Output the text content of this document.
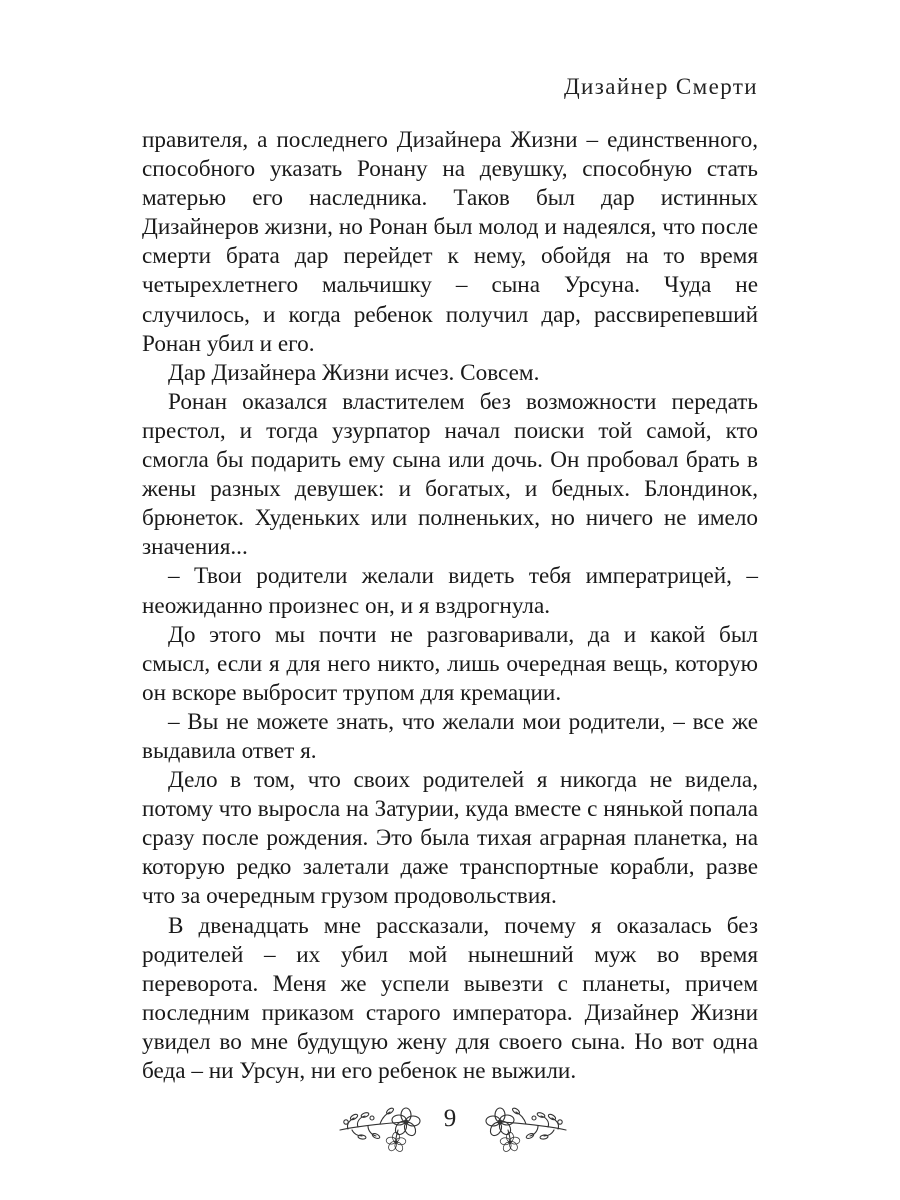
Дизайнер Смерти

правителя, а последнего Дизайнера Жизни – единственного, способного указать Ронану на девушку, способную стать матерью его наследника. Таков был дар истинных Дизайнеров жизни, но Ронан был молод и надеялся, что после смерти брата дар перейдет к нему, обойдя на то время четырехлетнего мальчишку – сына Урсуна. Чуда не случилось, и когда ребенок получил дар, рассвирепевший Ронан убил и его.

Дар Дизайнера Жизни исчез. Совсем.

Ронан оказался властителем без возможности передать престол, и тогда узурпатор начал поиски той самой, кто смогла бы подарить ему сына или дочь. Он пробовал брать в жены разных девушек: и богатых, и бедных. Блондинок, брюнеток. Худеньких или полненьких, но ничего не имело значения...

– Твои родители желали видеть тебя императрицей, – неожиданно произнес он, и я вздрогнула.

До этого мы почти не разговаривали, да и какой был смысл, если я для него никто, лишь очередная вещь, которую он вскоре выбросит трупом для кремации.

– Вы не можете знать, что желали мои родители, – все же выдавила ответ я.

Дело в том, что своих родителей я никогда не видела, потому что выросла на Затурии, куда вместе с нянькой попала сразу после рождения. Это была тихая аграрная планетка, на которую редко залетали даже транспортные корабли, разве что за очередным грузом продовольствия.

В двенадцать мне рассказали, почему я оказалась без родителей – их убил мой нынешний муж во время переворота. Меня же успели вывезти с планеты, причем последним приказом старого императора. Дизайнер Жизни увидел во мне будущую жену для своего сына. Но вот одна беда – ни Урсун, ни его ребенок не выжили.

9
